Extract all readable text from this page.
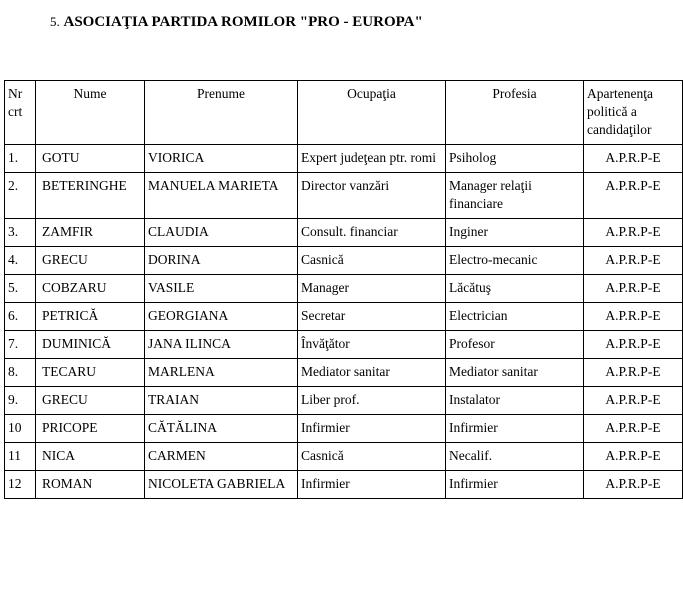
5. ASOCIAŢIA PARTIDA ROMILOR "PRO - EUROPA"
Nr crt	Nume	Prenume	Ocupaţia	Profesia	Apartenenţa politică a candidaţilor
1.	GOTU	VIORICA	Expert judeţean ptr. romi	Psiholog	A.P.R.P-E
2.	BETERINGHE	MANUELA MARIETA	Director vanzări	Manager relaţii financiare	A.P.R.P-E
3.	ZAMFIR	CLAUDIA	Consult. financiar	Inginer	A.P.R.P-E
4.	GRECU	DORINA	Casnică	Electro-mecanic	A.P.R.P-E
5.	COBZARU	VASILE	Manager	Lăcătuş	A.P.R.P-E
6.	PETRICĂ	GEORGIANA	Secretar	Electrician	A.P.R.P-E
7.	DUMINICĂ	JANA ILINCA	Învăţător	Profesor	A.P.R.P-E
8.	TECARU	MARLENA	Mediator sanitar	Mediator sanitar	A.P.R.P-E
9.	GRECU	TRAIAN	Liber prof.	Instalator	A.P.R.P-E
10	PRICOPE	CĂTĂLINA	Infirmier	Infirmier	A.P.R.P-E
11	NICA	CARMEN	Casnică	Necalif.	A.P.R.P-E
12	ROMAN	NICOLETA GABRIELA	Infirmier	Infirmier	A.P.R.P-E
